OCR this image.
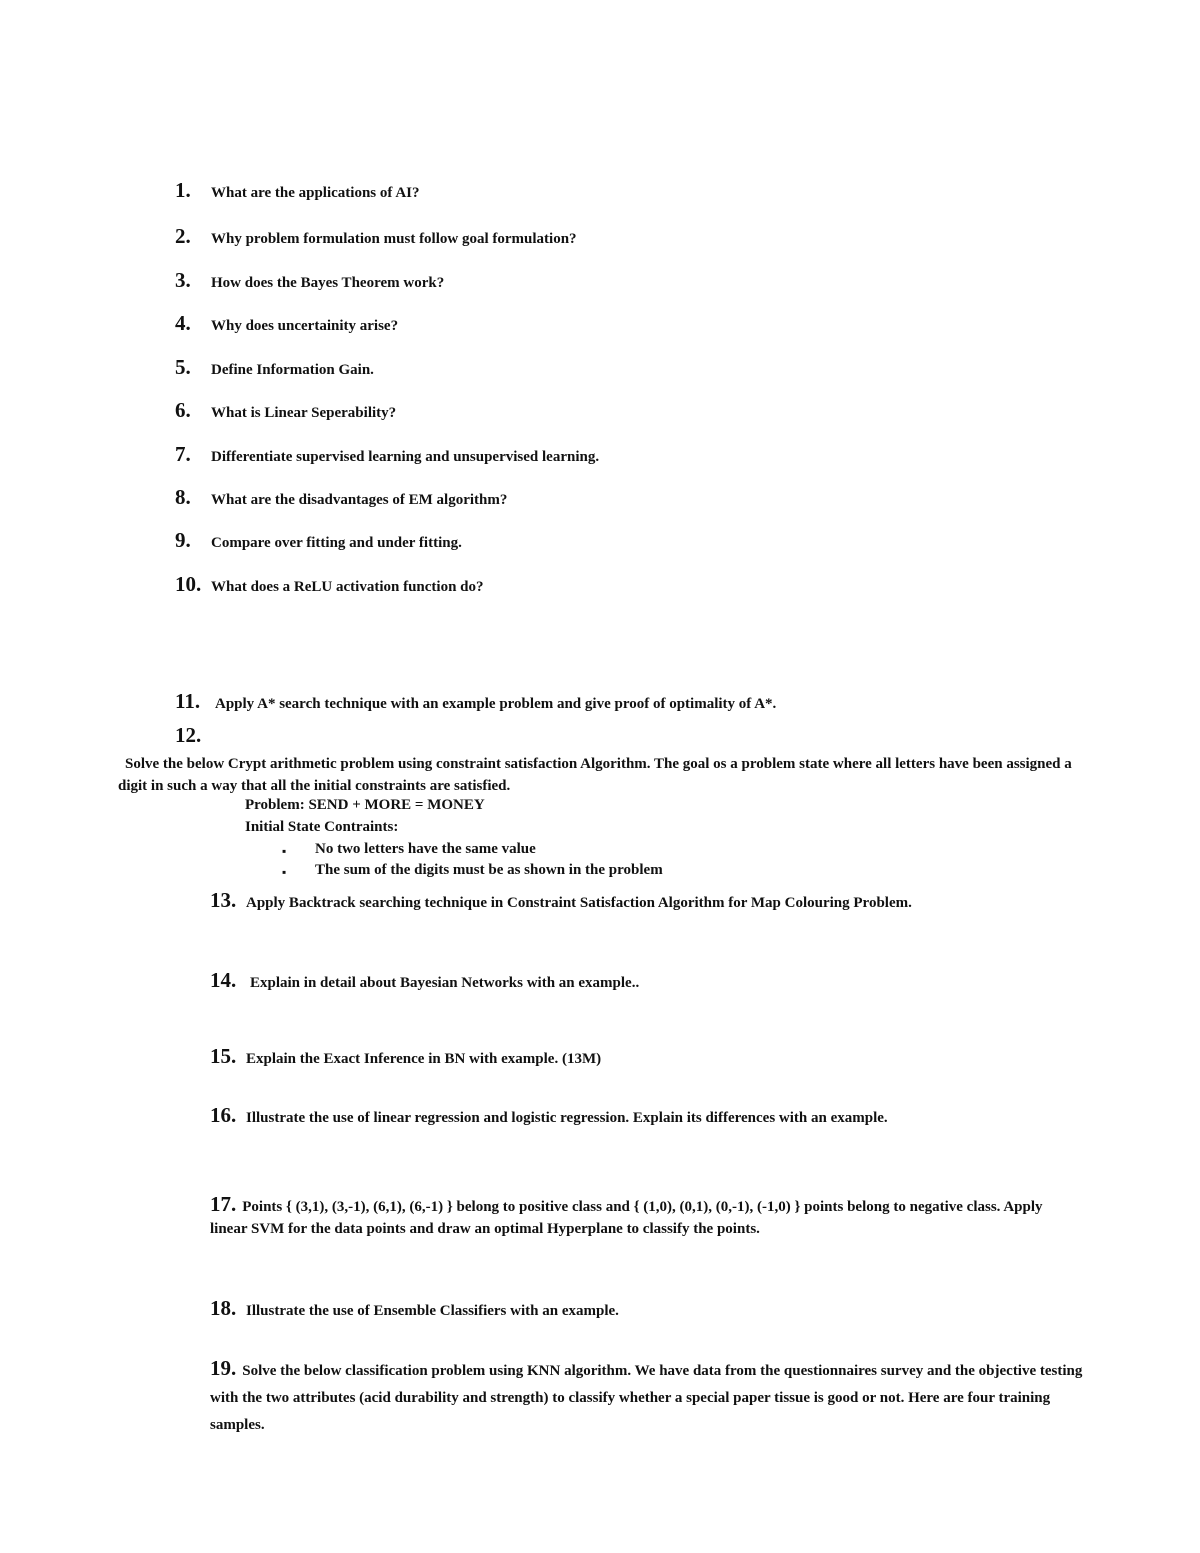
1. What are the applications of AI?
2. Why problem formulation must follow goal formulation?
3. How does the Bayes Theorem work?
4. Why does uncertainity arise?
5. Define Information Gain.
6. What is Linear Seperability?
7. Differentiate supervised learning and unsupervised learning.
8. What are the disadvantages of EM algorithm?
9. Compare over fitting and under fitting.
10. What does a ReLU activation function do?
11. Apply A* search technique with an example problem and give proof of optimality of A*.
12.
Solve the below Crypt arithmetic problem using constraint satisfaction Algorithm. The goal os a problem state where all letters have been assigned a digit in such a way that all the initial constraints are satisfied.
Problem: SEND + MORE = MONEY
Initial State Contraints:
▪ No two letters have the same value
▪ The sum of the digits must be as shown in the problem
13. Apply Backtrack searching technique in Constraint Satisfaction Algorithm for Map Colouring Problem.
14. Explain in detail about Bayesian Networks with an example..
15. Explain the Exact Inference in BN with example. (13M)
16. Illustrate the use of linear regression and logistic regression. Explain its differences with an example.
17. Points { (3,1), (3,-1), (6,1), (6,-1) } belong to positive class and { (1,0), (0,1), (0,-1), (-1,0) } points belong to negative class. Apply linear SVM for the data points and draw an optimal Hyperplane to classify the points.
18. Illustrate the use of Ensemble Classifiers with an example.
19. Solve the below classification problem using KNN algorithm. We have data from the questionnaires survey and the objective testing with the two attributes (acid durability and strength) to classify whether a special paper tissue is good or not. Here are four training samples.
